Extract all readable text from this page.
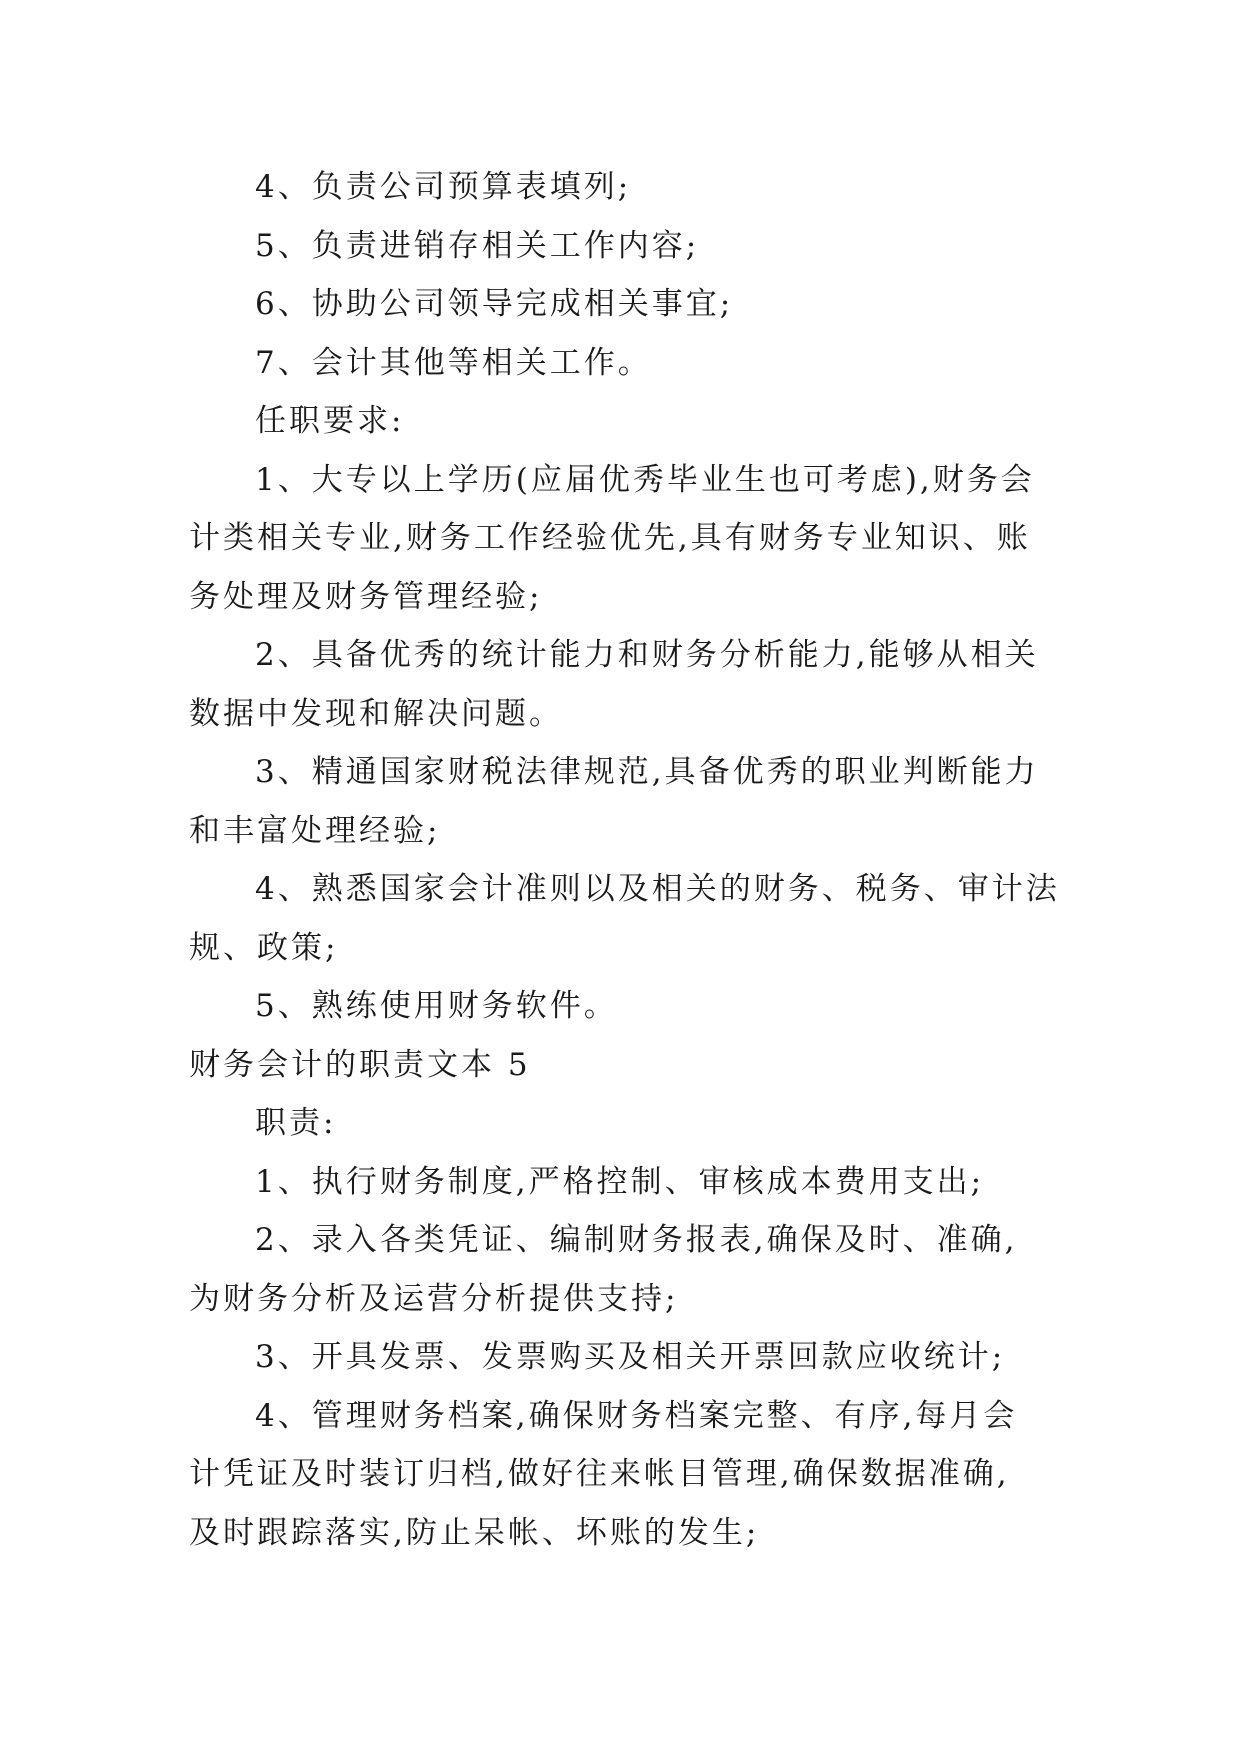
4、负责公司预算表填列;
5、负责进销存相关工作内容;
6、协助公司领导完成相关事宜;
7、会计其他等相关工作。
任职要求:
1、大专以上学历(应届优秀毕业生也可考虑),财务会
计类相关专业,财务工作经验优先,具有财务专业知识、账
务处理及财务管理经验;
2、具备优秀的统计能力和财务分析能力,能够从相关
数据中发现和解决问题。
3、精通国家财税法律规范,具备优秀的职业判断能力
和丰富处理经验;
4、熟悉国家会计准则以及相关的财务、税务、审计法
规、政策;
5、熟练使用财务软件。
财务会计的职责文本 5
职责:
1、执行财务制度,严格控制、审核成本费用支出;
2、录入各类凭证、编制财务报表,确保及时、准确,
为财务分析及运营分析提供支持;
3、开具发票、发票购买及相关开票回款应收统计;
4、管理财务档案,确保财务档案完整、有序,每月会
计凭证及时装订归档,做好往来帐目管理,确保数据准确,
及时跟踪落实,防止呆帐、坏账的发生;
